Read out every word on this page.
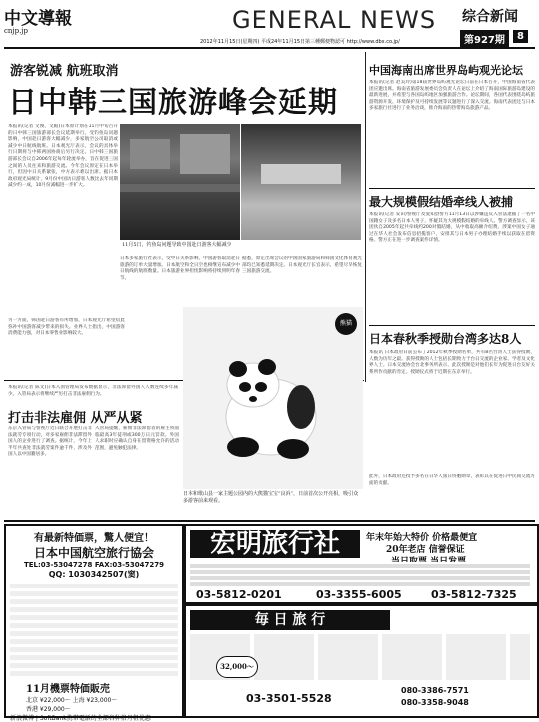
中文導報
cnjp.jp	GENERAL NEWS 综合新闻
第927期	8
2012年11月15日(星期四) 平成24年11月15日第三種郵便物認可 http://www.dbx.co.jp/
游客锐减 航班取消
日中韩三国旅游峰会延期
本报讯(记者 文俊、文殿)日本原计划在11月中旬召开的日中韩三国旅游部长会议延期举行。受钓鱼岛问题影响，中国赴日游客大幅减少，多家航空公司取消或减少中日航线航班。日本观光厅表示，会议的具体举行日期将与中韩两国协商后另行决定。日中韩三国旅游部长会议自2006年起每年轮流举办，旨在促进三国之间的人员往来和旅游交流。今年会议原定在日本举行，但因中日关系紧张，中方表示难以出席。据日本政府观光局统计，9月份中国访日游客人数比去年同期减少约一成，10月份减幅进一步扩大。
11月5日，钓鱼岛问题导致中国赴日游客大幅减少
日本多家旅行社表示，受中日关系影响，中国游客取消赴日旅游的订单大量增加。日本航空和全日空也相继宣布减少中日航线的航班数量。日本旅游业界担忧影响将持续到明年春节。
据悉，原定出席会议的中国国家旅游局和韩国文化体育观光部均已知悉延期决定。日本观光厅长官表示，希望尽早恢复三国旅游交流。
另一方面，韩国赴日游客有所增加，日本观光厅希望借此弥补中国游客减少带来的损失。业界人士指出，中国游客消费能力强，对日本零售业影响较大。
中国海南出席世界岛屿观光论坛
本报讯(记者 赵美玲)第18届世界岛屿观光论坛日前在日本召开，中国海南省代表团应邀出席。海南省旅游发展委员会负责人在论坛上介绍了海南国际旅游岛建设的最新进展，并希望与各国岛屿地区加强旅游合作。论坛期间，各国代表围绕岛屿旅游资源开发、环境保护及可持续发展等议题进行了深入交流。海南代表团还与日本多家旅行社进行了业务洽谈，推介海南的热带海岛旅游产品。
最大规模假结婚牵线人被捕
本报讯(记者 安田)警视厅及爱知县警方11月13日以涉嫌违反入管法逮捕了一名中国籍女子及多名日本人男子，怀疑其为大规模假结婚的牵线人。警方调查显示，该团伙自2005年起共牵线约200对假结婚，从中收取高额介绍费。涉案中国女子通过在华人社会发布信息招揽客户，安排其与日本男子办理结婚手续以获取在留资格。警方正在进一步调查案件详情。
日本春秋季授勋台湾多达8人
本报讯 日本政府日前公布了2012年秋季授勋名单，共有8名台湾人士获得授勋，人数为历年之最。获得授勋的人士包括长期致力于台日交流的企业家、学者及文化界人士。日本交流协会台北事务所表示，此次授勋是对他们长年为促进日台友好关系所作贡献的肯定。授勋仪式将于近期在东京举行。
本报讯(记者 陈文)日本入国管理局发布数据显示，非法滞留外国人人数连续多年减少。入管局表示将继续严厉打击非法雇佣行为。
打击非法雇佣 从严从紧
东京入管局与警视厅近日联合开展打击非法就劳专项行动，对多家雇佣非法滞留外国人的企业进行了调查。据统计，今年上半年共查处非法就劳案件逾千件，涉及外国人以中国籍居多。
入管局提醒，雇佣非法滞留者的雇主将面临最高3年徒刑或300万日元罚款。外国人求职时应确认自身在留资格允许的活动范围，避免触犯法律。
熊猫
日本和歌山县一家主题公园内的大熊猫宝宝“良浜”，日前首次公开亮相，吸引众多游客前来观看。
此外，日本政府还授予多名在日华人旅日侨胞勋章，表彰其在促进日中民间交流方面的贡献。
有最新特価票，驚人便宜！
日本中国航空旅行協会
TEL:03-53047278 FAX:03-53047279
QQ: 1030342507(窦)
11月機票特価販売
北京 ¥22,000～ 上海 ¥23,000～
香港 ¥29,000～
新浪微博 | SoftBank携帯電話的全部各种格月租优惠
宏明旅行社	年末年始大特价 价格最便宜
20年老店 信誉保证
03-5812-0201	03-3355-6005	03-5812-7325
毎 日 旅 行
32,000～
03-3501-5528
080-3386-7571
080-3358-9048
